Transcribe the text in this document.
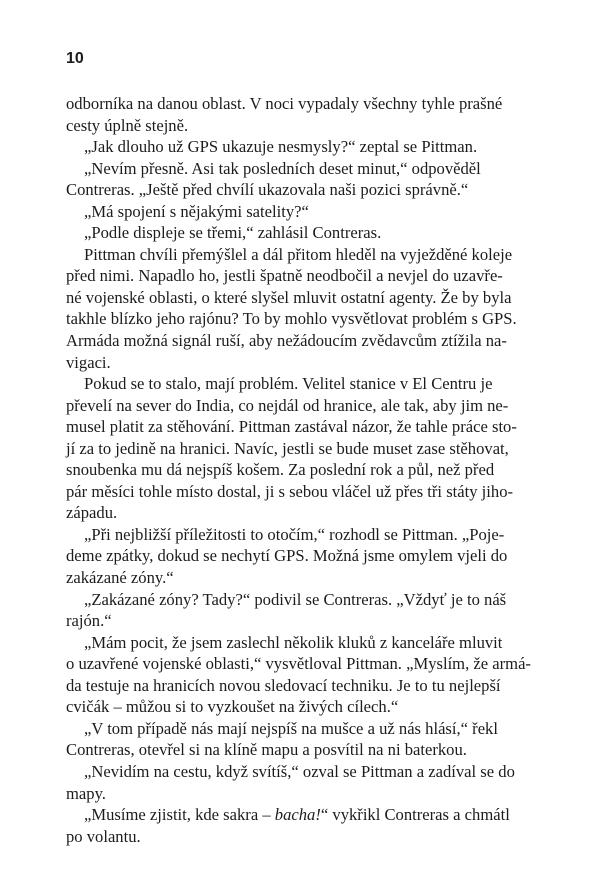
10

odborníka na danou oblast. V noci vypadaly všechny tyhle prašné
cesty úplně stejně.

„Jak dlouho už GPS ukazuje nesmysly?“ zeptal se Pittman.

„Nevím přesně. Asi tak posledních deset minut,“ odpověděl
Contreras. „Ještě před chvílí ukazovala naši pozici správně.“

„Má spojení s nějakými satelity?“

„Podle displeje se třemi,“ zahlásil Contreras.

Pittman chvíli přemýšlel a dál přitom hleděl na vyježděné koleje
před nimi. Napadlo ho, jestli špatně neodbočil a nevjel do uzavře-
né vojenské oblasti, o které slyšel mluvit ostatní agenty. Že by byla
takhle blízko jeho rajónu? To by mohlo vysvětlovat problém s GPS.
Armáda možná signál ruší, aby nežádoucím zvědavcům ztížila na-
vigaci.

Pokud se to stalo, mají problém. Velitel stanice v El Centru je
převelí na sever do India, co nejdál od hranice, ale tak, aby jim ne-
musel platit za stěhování. Pittman zastával názor, že tahle práce sto-
jí za to jedině na hranici. Navíc, jestli se bude muset zase stěhovat,
snoubenka mu dá nejspíš košem. Za poslední rok a půl, než před
pár měsíci tohle místo dostal, ji s sebou vláčel už přes tři státy jiho-
západu.

„Při nejbližší příležitosti to otočím,“ rozhodl se Pittman. „Poje-
deme zpátky, dokud se nechytí GPS. Možná jsme omylem vjeli do
zakázané zóny.“

„Zakázané zóny? Tady?“ podivil se Contreras. „Vždyť je to náš
rajón.“

„Mám pocit, že jsem zaslechl několik kluků z kanceláře mluvit
o uzavřené vojenské oblasti,“ vysvětloval Pittman. „Myslím, že armá-
da testuje na hranicích novou sledovací techniku. Je to tu nejlepší
cvičák – můžou si to vyzkoušet na živých cílech.“

„V tom případě nás mají nejspíš na mušce a už nás hlásí,“ řekl
Contreras, otevřel si na klíně mapu a posvítil na ni baterkou.

„Nevidím na cestu, když svítíš,“ ozval se Pittman a zadíval se do
mapy.

„Musíme zjistit, kde sakra – bacha!“ vykřikl Contreras a chmátl
po volantu.
